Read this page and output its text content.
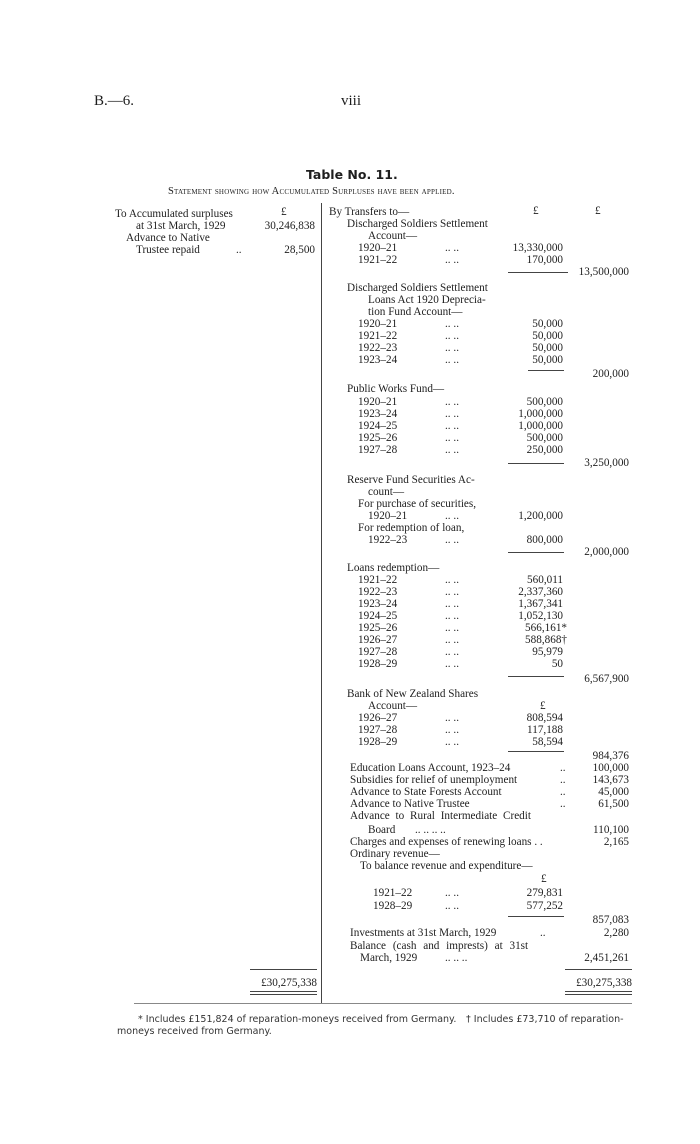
B.—6.	viii
Table No. 11.
Statement showing how Accumulated Surpluses have been applied.
£
To Accumulated surpluses
at 31st March, 1929	30,246,838
Advance to Native
Trustee repaid	..	28,500
£30,275,338
By Transfers to—	£	£
Discharged Soldiers Settlement
Account—
1920–21	.. ..	13,330,000
1921–22	.. ..	170,000
13,500,000
Discharged Soldiers Settlement
Loans Act 1920 Deprecia-
tion Fund Account—
1920–21	.. ..	50,000
1921–22	.. ..	50,000
1922–23	.. ..	50,000
1923–24	.. ..	50,000
200,000
Public Works Fund—
1920–21	.. ..	500,000
1923–24	.. ..	1,000,000
1924–25	.. ..	1,000,000
1925–26	.. ..	500,000
1927–28	.. ..	250,000
3,250,000
Reserve Fund Securities Ac-
count—
For purchase of securities,
1920–21	.. ..	1,200,000
For redemption of loan,
1922–23	.. ..	800,000
2,000,000
Loans redemption—
1921–22	.. ..	560,011
1922–23	.. ..	2,337,360
1923–24	.. ..	1,367,341
1924–25	.. ..	1,052,130
1925–26	.. ..	566,161*
1926–27	.. ..	588,868†
1927–28	.. ..	95,979
1928–29	.. ..	50
6,567,900
Bank of New Zealand Shares
Account—	£
1926–27	.. ..	808,594
1927–28	.. ..	117,188
1928–29	.. ..	58,594
984,376
Education Loans Account, 1923–24	..	100,000
Subsidies for relief of unemployment	..	143,673
Advance to State Forests Account	..	45,000
Advance to Native Trustee	..	61,500
Advance to Rural Intermediate Credit
Board .. .. .. ..	110,100
Charges and expenses of renewing loans . .	2,165
Ordinary revenue—
To balance revenue and expenditure—
£
1921–22	.. ..	279,831
1928–29	.. ..	577,252
857,083
Investments at 31st March, 1929	..	2,280
Balance (cash and imprests) at 31st
March, 1929 .. .. ..	2,451,261
£30,275,338
* Includes £151,824 of reparation-moneys received from Germany. † Includes £73,710 of reparation-
moneys received from Germany.
